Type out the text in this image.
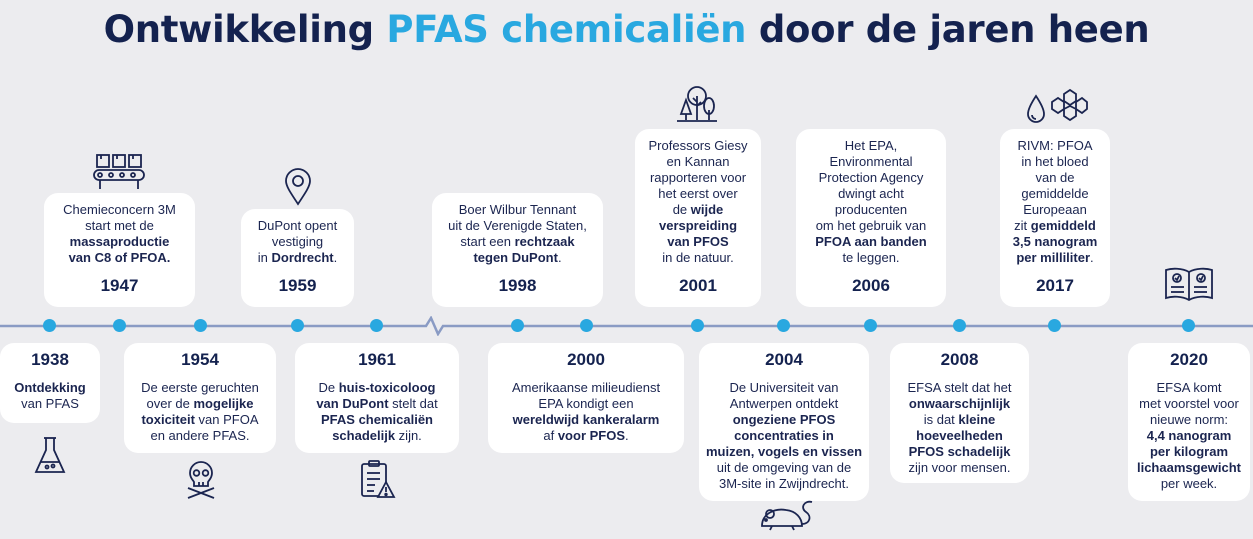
Ontwikkeling PFAS chemicaliën door de jaren heen
Chemieconcern 3M
start met de
massaproductie
van C8 of PFOA.
1947
DuPont opent
vestiging
in Dordrecht.
1959
Boer Wilbur Tennant
uit de Verenigde Staten,
start een rechtzaak
tegen DuPont.
1998
Professors Giesy
en Kannan
rapporteren voor
het eerst over
de wijde
verspreiding
van PFOS
in de natuur.
2001
Het EPA,
Environmental
Protection Agency
dwingt acht
producenten
om het gebruik van
PFOA aan banden
te leggen.
2006
RIVM: PFOA
in het bloed
van de
gemiddelde
Europeaan
zit gemiddeld
3,5 nanogram
per milliliter.
2017
1938
Ontdekking
van PFAS
1954
De eerste geruchten
over de mogelijke
toxiciteit van PFOA
en andere PFAS.
1961
De huis-toxicoloog
van DuPont stelt dat
PFAS chemicaliën
schadelijk zijn.
2000
Amerikaanse milieudienst
EPA kondigt een
wereldwijd kankeralarm
af voor PFOS.
2004
De Universiteit van
Antwerpen ontdekt
ongeziene PFOS
concentraties in
muizen, vogels en vissen
uit de omgeving van de
3M-site in Zwijndrecht.
2008
EFSA stelt dat het
onwaarschijnlijk
is dat kleine
hoeveelheden
PFOS schadelijk
zijn voor mensen.
2020
EFSA komt
met voorstel voor
nieuwe norm:
4,4 nanogram
per kilogram
lichaamsgewicht
per week.
